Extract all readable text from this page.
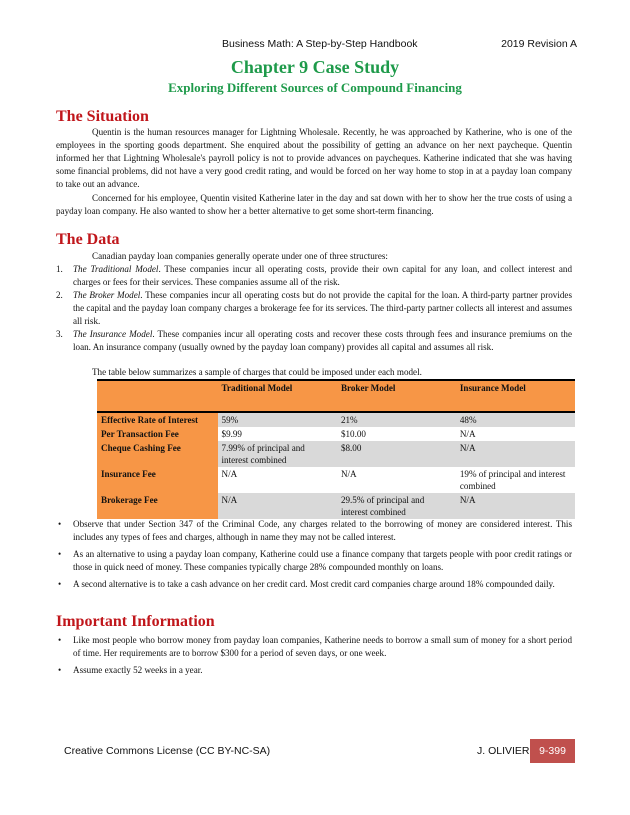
Business Math: A Step-by-Step Handbook	2019 Revision A
Chapter 9 Case Study
Exploring Different Sources of Compound Financing
The Situation
Quentin is the human resources manager for Lightning Wholesale. Recently, he was approached by Katherine, who is one of the employees in the sporting goods department. She enquired about the possibility of getting an advance on her next paycheque. Quentin informed her that Lightning Wholesale's payroll policy is not to provide advances on paycheques. Katherine indicated that she was having some financial problems, did not have a very good credit rating, and would be forced on her way home to stop in at a payday loan company to take out an advance.
Concerned for his employee, Quentin visited Katherine later in the day and sat down with her to show her the true costs of using a payday loan company. He also wanted to show her a better alternative to get some short-term financing.
The Data
Canadian payday loan companies generally operate under one of three structures:
1. The Traditional Model. These companies incur all operating costs, provide their own capital for any loan, and collect interest and charges or fees for their services. These companies assume all of the risk.
2. The Broker Model. These companies incur all operating costs but do not provide the capital for the loan. A third-party partner provides the capital and the payday loan company charges a brokerage fee for its services. The third-party partner collects all interest and assumes all risk.
3. The Insurance Model. These companies incur all operating costs and recover these costs through fees and insurance premiums on the loan. An insurance company (usually owned by the payday loan company) provides all capital and assumes all risk.
The table below summarizes a sample of charges that could be imposed under each model.
	Traditional Model	Broker Model	Insurance Model
Effective Rate of Interest	59%	21%	48%
Per Transaction Fee	$9.99	$10.00	N/A
Cheque Cashing Fee	7.99% of principal and interest combined	$8.00	N/A
Insurance Fee	N/A	N/A	19% of principal and interest combined
Brokerage Fee	N/A	29.5% of principal and interest combined	N/A
• Observe that under Section 347 of the Criminal Code, any charges related to the borrowing of money are considered interest. This includes any types of fees and charges, although in name they may not be called interest.
• As an alternative to using a payday loan company, Katherine could use a finance company that targets people with poor credit ratings or those in quick need of money. These companies typically charge 28% compounded monthly on loans.
• A second alternative is to take a cash advance on her credit card. Most credit card companies charge around 18% compounded daily.
Important Information
• Like most people who borrow money from payday loan companies, Katherine needs to borrow a small sum of money for a short period of time. Her requirements are to borrow $300 for a period of seven days, or one week.
• Assume exactly 52 weeks in a year.
Creative Commons License (CC BY-NC-SA)	J. OLIVIER 9-399
